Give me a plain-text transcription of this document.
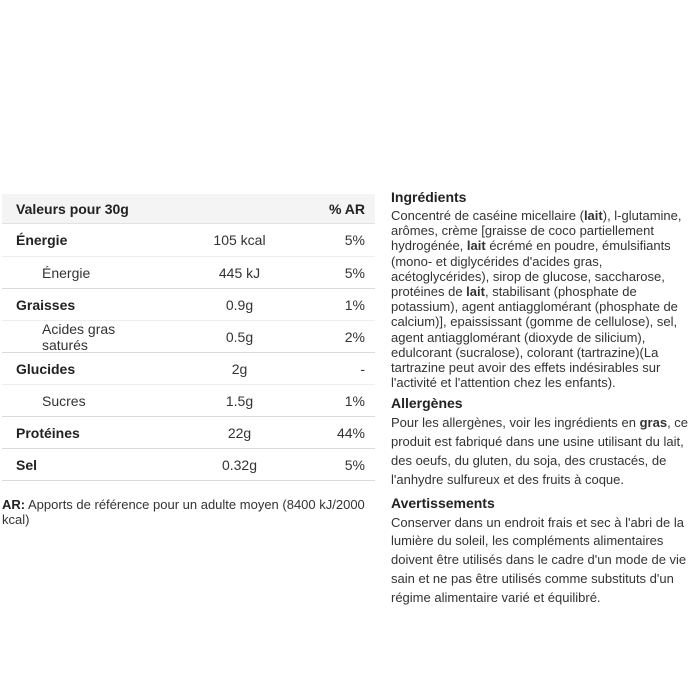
Valeurs pour 30g	% AR
Énergie	105 kcal	5%
Énergie	445 kJ	5%
Graisses	0.9g	1%
Acides gras saturés	0.5g	2%
Glucides	2g	-
Sucres	1.5g	1%
Protéines	22g	44%
Sel	0.32g	5%
AR: Apports de référence pour un adulte moyen (8400 kJ/2000 kcal)
Ingrédients

Concentré de caséine micellaire (lait), l-glutamine, arômes, crème [graisse de coco partiellement hydrogénée, lait écrémé en poudre, émulsifiants (mono- et diglycérides d'acides gras, acétoglycérides), sirop de glucose, saccharose, protéines de lait, stabilisant (phosphate de potassium), agent antiagglomérant (phosphate de calcium)], epaississant (gomme de cellulose), sel, agent antiagglomérant (dioxyde de silicium), edulcorant (sucralose), colorant (tartrazine)(La tartrazine peut avoir des effets indésirables sur l'activité et l'attention chez les enfants).

Allergènes

Pour les allergènes, voir les ingrédients en gras, ce produit est fabriqué dans une usine utilisant du lait, des oeufs, du gluten, du soja, des crustacés, de l'anhydre sulfureux et des fruits à coque.

Avertissements

Conserver dans un endroit frais et sec à l'abri de la lumière du soleil, les compléments alimentaires doivent être utilisés dans le cadre d'un mode de vie sain et ne pas être utilisés comme substituts d'un régime alimentaire varié et équilibré.
